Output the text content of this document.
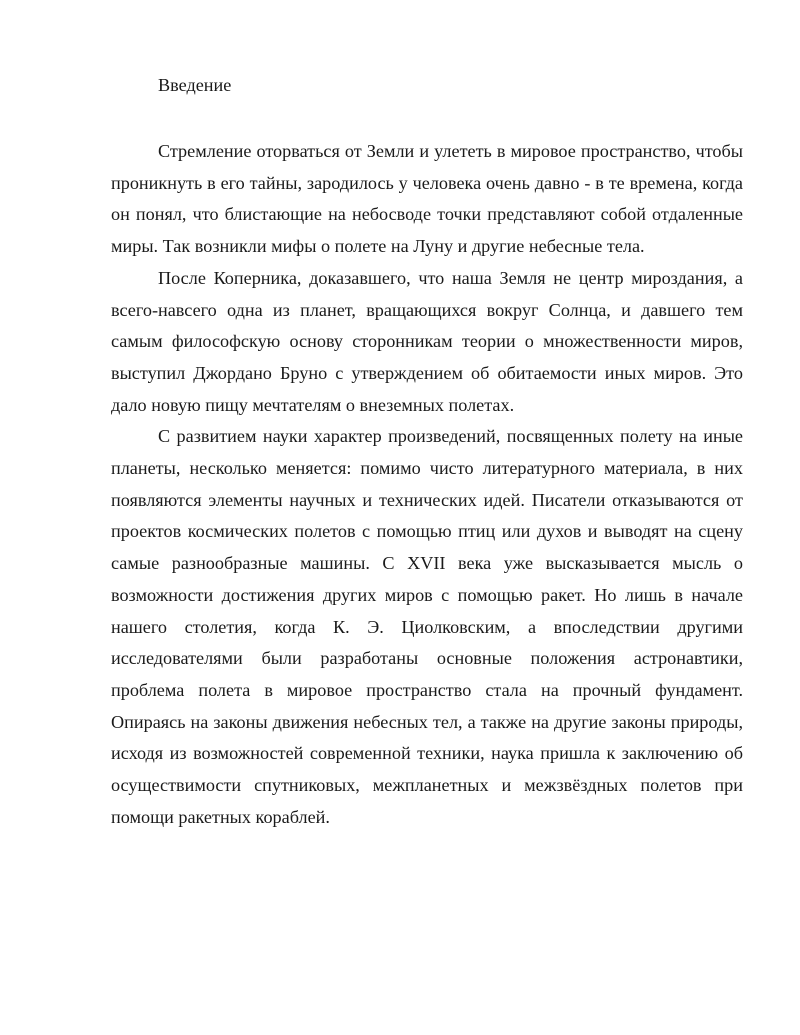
Введение

Стремление оторваться от Земли и улететь в мировое пространство, чтобы проникнуть в его тайны, зародилось у человека очень давно - в те времена, когда он понял, что блистающие на небосводе точки представляют собой отдаленные миры. Так возникли мифы о полете на Луну и другие небесные тела.

После Коперника, доказавшего, что наша Земля не центр мироздания, а всего-навсего одна из планет, вращающихся вокруг Солнца, и давшего тем самым философскую основу сторонникам теории о множественности миров, выступил Джордано Бруно с утверждением об обитаемости иных миров. Это дало новую пищу мечтателям о внеземных полетах.

С развитием науки характер произведений, посвященных полету на иные планеты, несколько меняется: помимо чисто литературного материала, в них появляются элементы научных и технических идей. Писатели отказываются от проектов космических полетов с помощью птиц или духов и выводят на сцену самые разнообразные машины. С XVII века уже высказывается мысль о возможности достижения других миров с помощью ракет. Но лишь в начале нашего столетия, когда К. Э. Циолковским, а впоследствии другими исследователями были разработаны основные положения астронавтики, проблема полета в мировое пространство стала на прочный фундамент. Опираясь на законы движения небесных тел, а также на другие законы природы, исходя из возможностей современной техники, наука пришла к заключению об осуществимости спутниковых, межпланетных и межзвёздных полетов при помощи ракетных кораблей.
